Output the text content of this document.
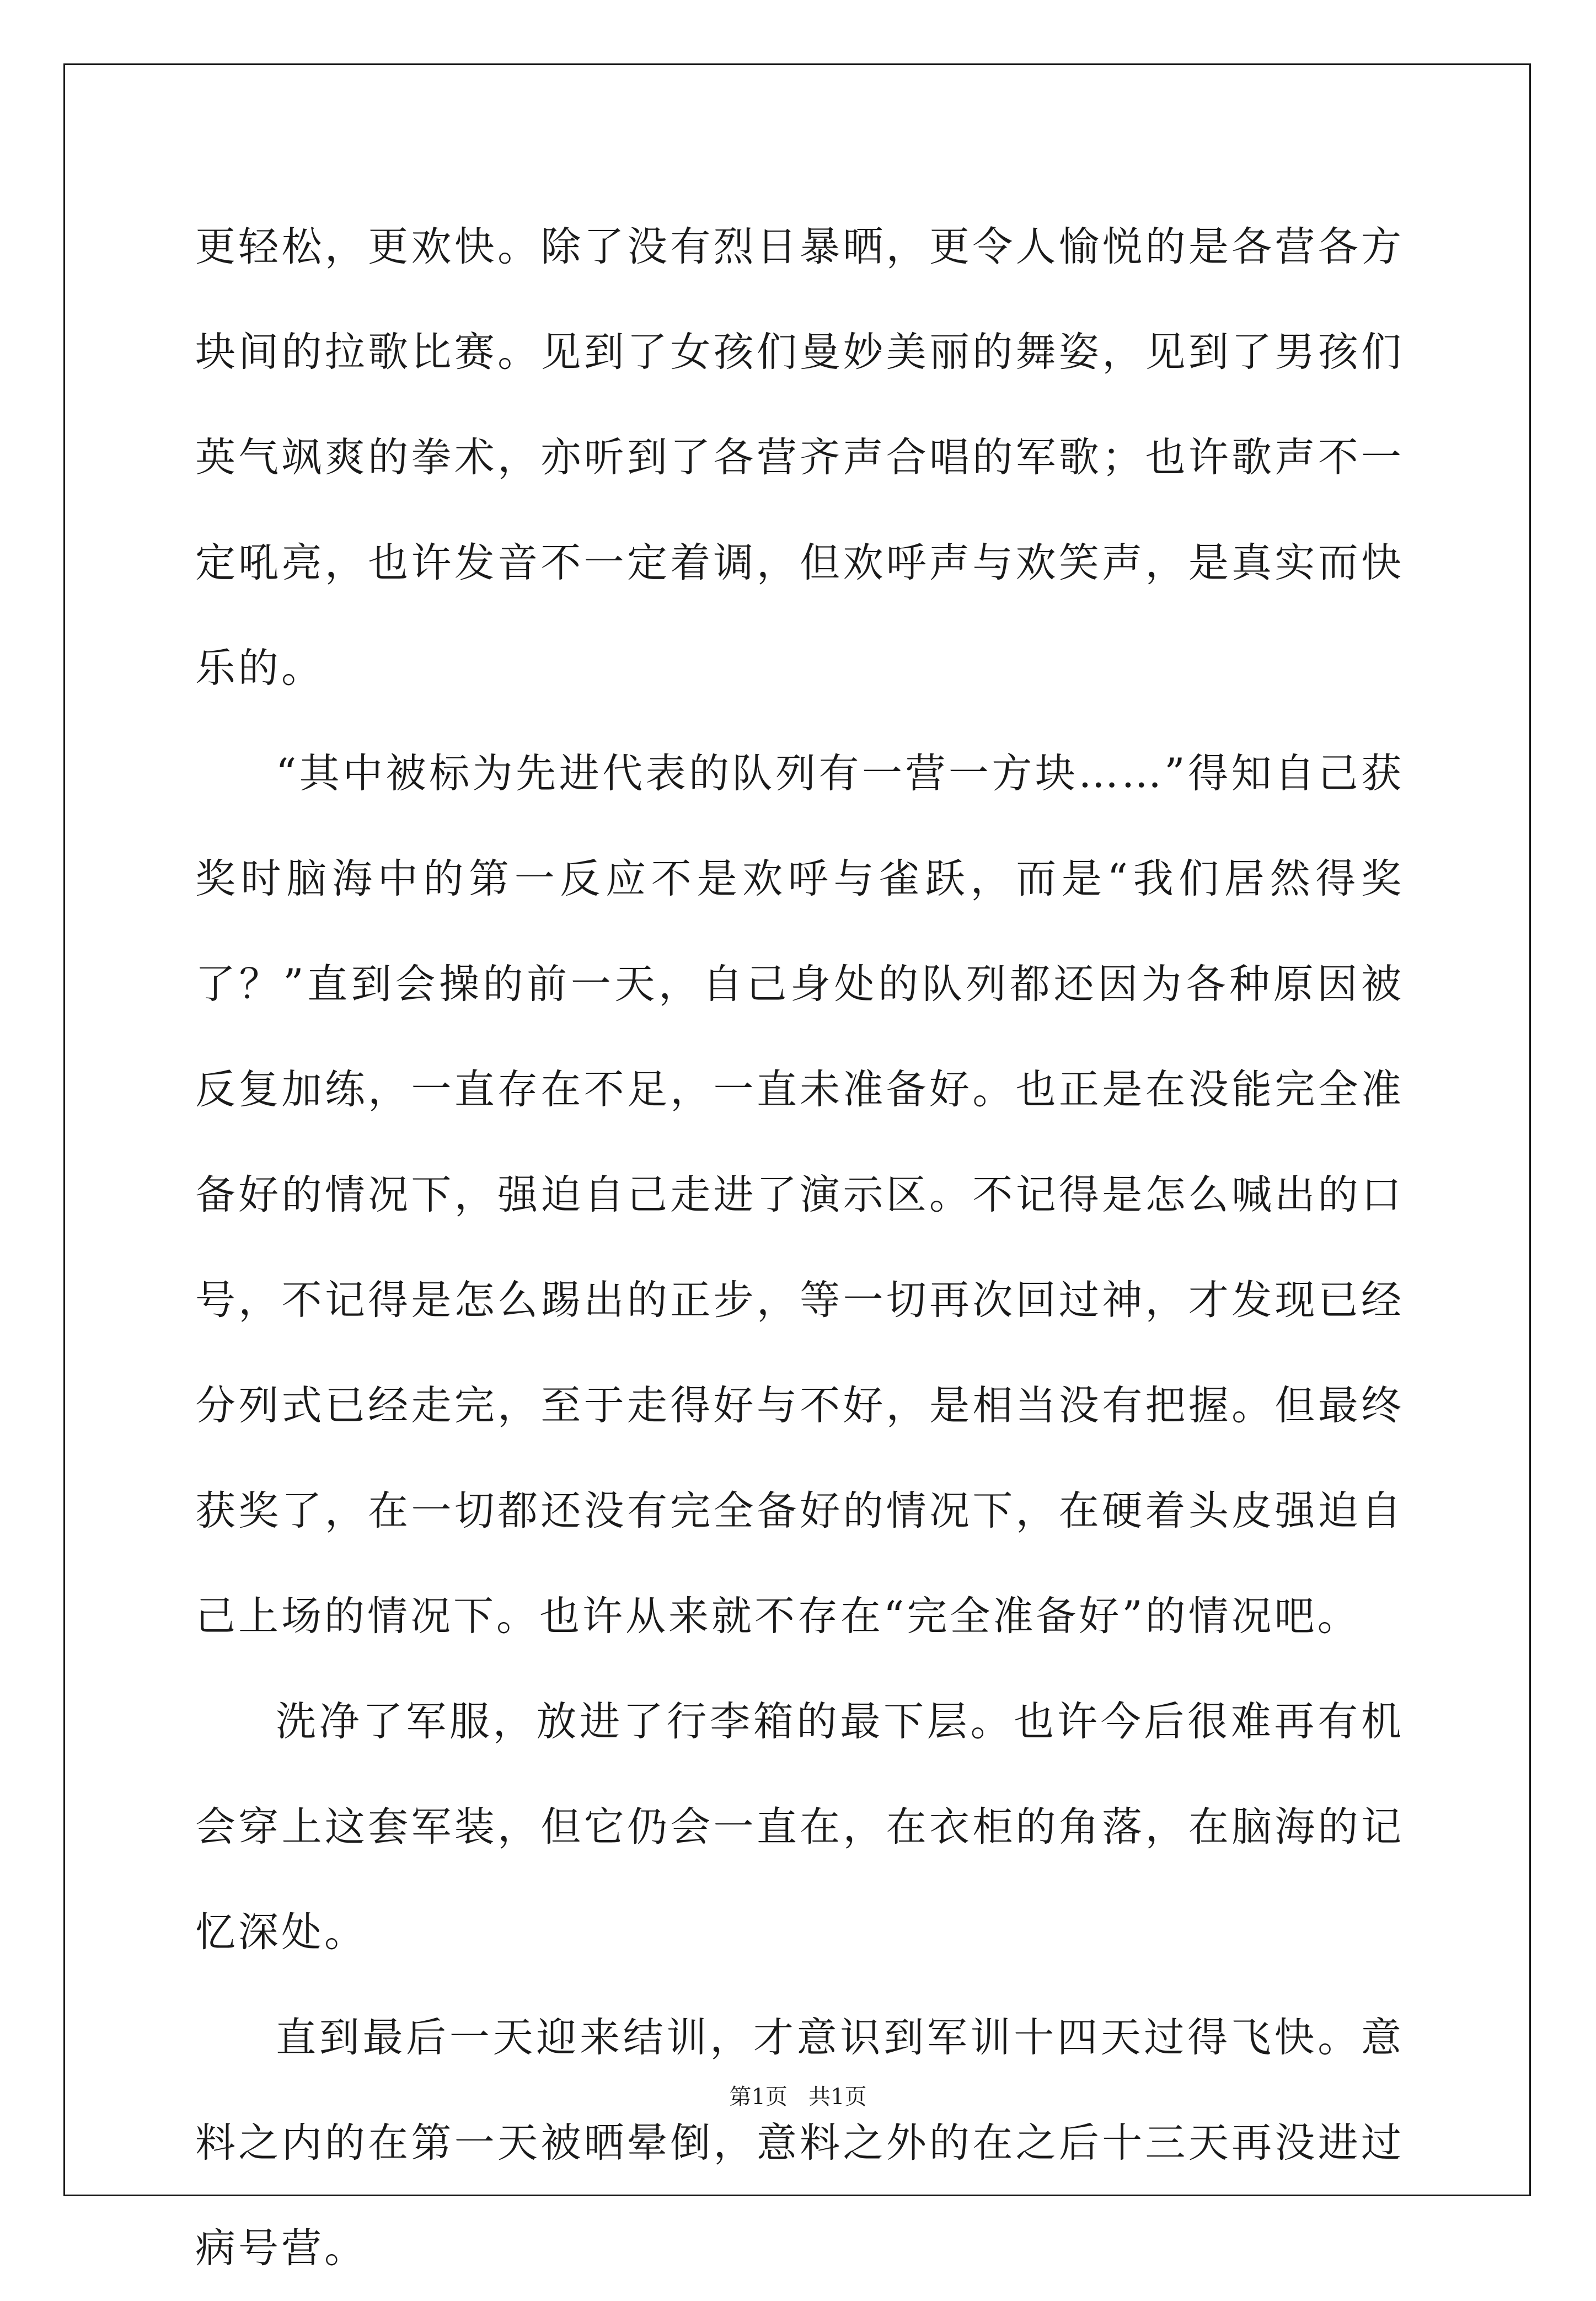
更轻松，更欢快。除了没有烈日暴晒，更令人愉悦的是各营各方块间的拉歌比赛。见到了女孩们曼妙美丽的舞姿，见到了男孩们英气飒爽的拳术，亦听到了各营齐声合唱的军歌；也许歌声不一定吼亮，也许发音不一定着调，但欢呼声与欢笑声，是真实而快乐的。

“其中被标为先进代表的队列有一营一方块……”得知自己获奖时脑海中的第一反应不是欢呼与雀跃，而是“我们居然得奖了？”直到会操的前一天，自己身处的队列都还因为各种原因被反复加练，一直存在不足，一直未准备好。也正是在没能完全准备好的情况下，强迫自己走进了演示区。不记得是怎么喊出的口号，不记得是怎么踢出的正步，等一切再次回过神，才发现已经分列式已经走完，至于走得好与不好，是相当没有把握。但最终获奖了，在一切都还没有完全备好的情况下，在硬着头皮强迫自己上场的情况下。也许从来就不存在“完全准备好”的情况吧。

洗净了军服，放进了行李箱的最下层。也许今后很难再有机会穿上这套军装，但它仍会一直在，在衣柜的角落，在脑海的记忆深处。

直到最后一天迎来结训，才意识到军训十四天过得飞快。意料之内的在第一天被晒晕倒，意料之外的在之后十三天再没进过病号营。

第1页   共1页
